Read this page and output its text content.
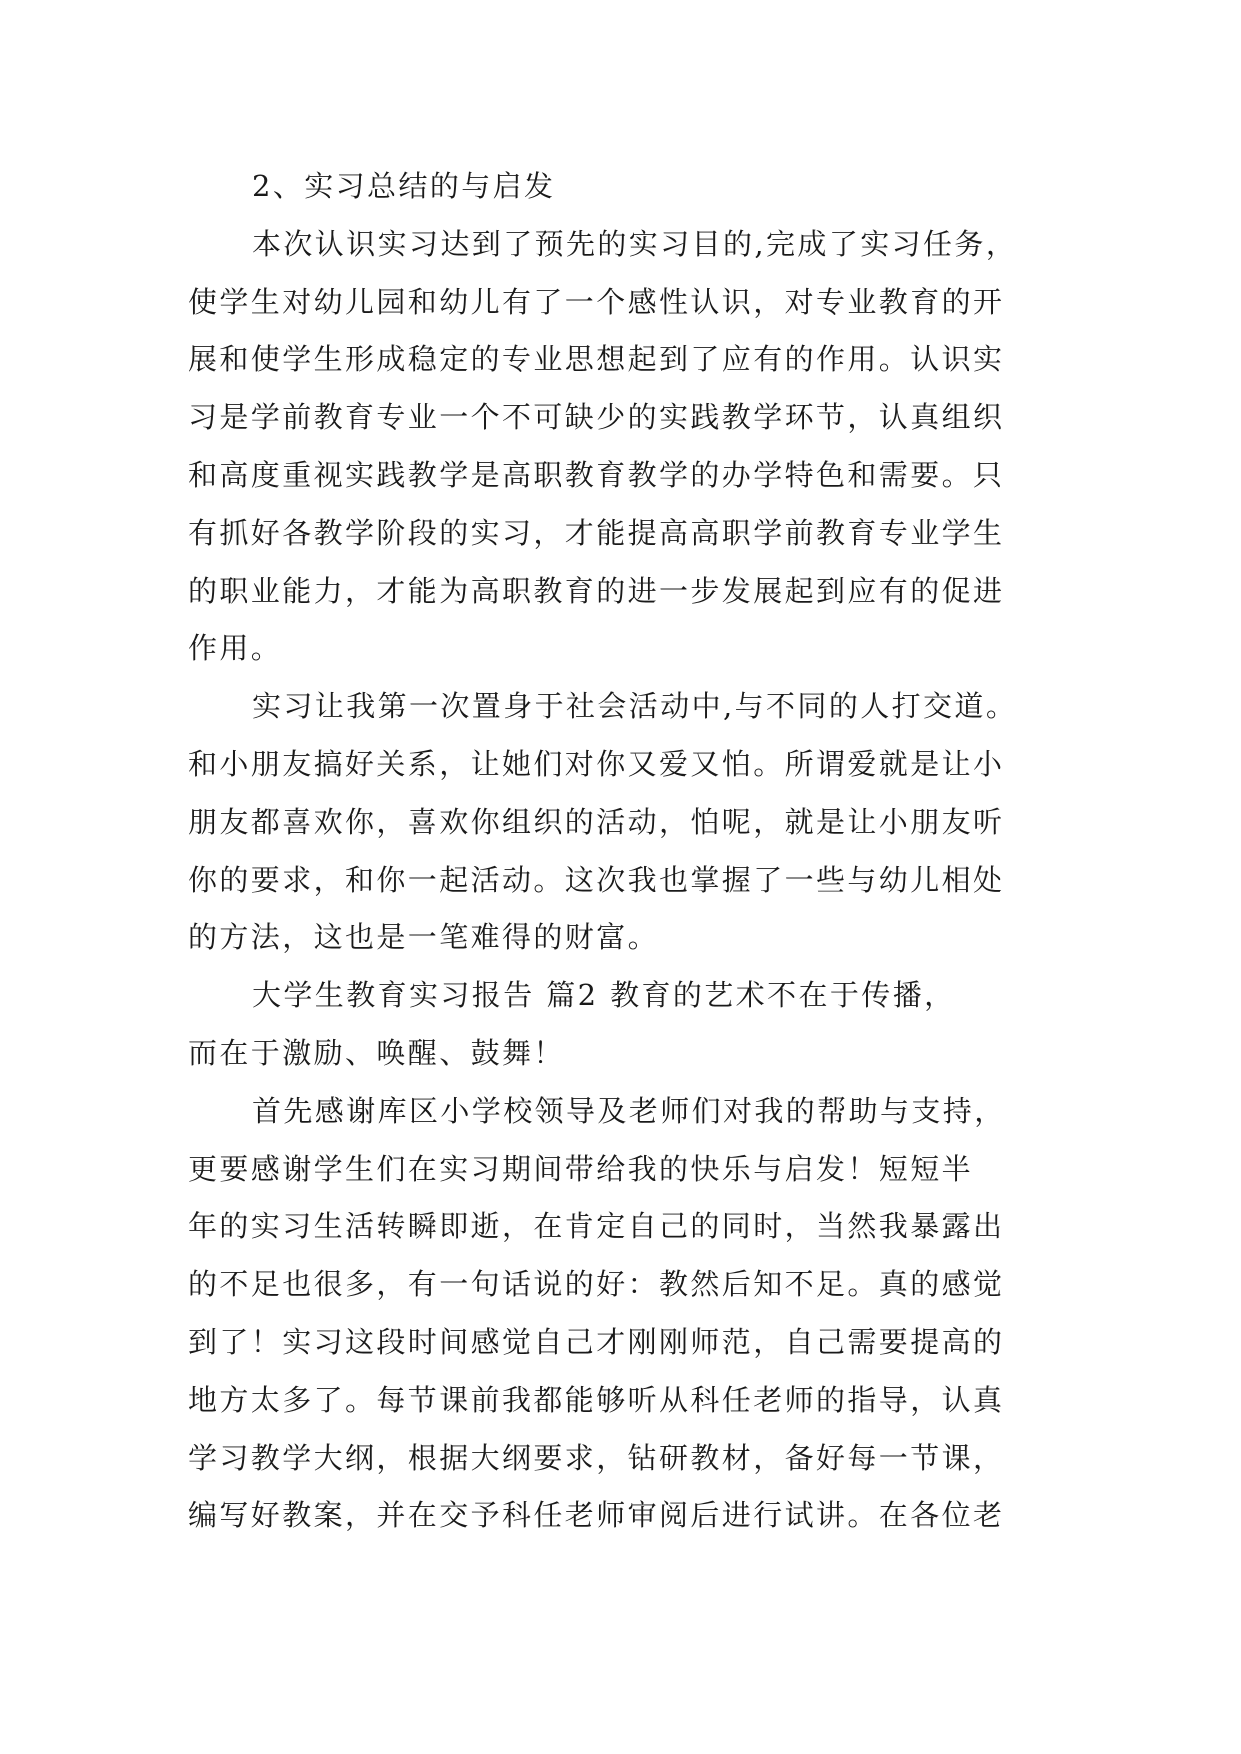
2、实习总结的与启发
本次认识实习达到了预先的实习目的,完成了实习任务，
使学生对幼儿园和幼儿有了一个感性认识，对专业教育的开
展和使学生形成稳定的专业思想起到了应有的作用。认识实
习是学前教育专业一个不可缺少的实践教学环节，认真组织
和高度重视实践教学是高职教育教学的办学特色和需要。只
有抓好各教学阶段的实习，才能提高高职学前教育专业学生
的职业能力，才能为高职教育的进一步发展起到应有的促进
作用。
实习让我第一次置身于社会活动中,与不同的人打交道。
和小朋友搞好关系，让她们对你又爱又怕。所谓爱就是让小
朋友都喜欢你，喜欢你组织的活动，怕呢，就是让小朋友听
你的要求，和你一起活动。这次我也掌握了一些与幼儿相处
的方法，这也是一笔难得的财富。
大学生教育实习报告 篇2 教育的艺术不在于传播，
而在于激励、唤醒、鼓舞！
首先感谢库区小学校领导及老师们对我的帮助与支持，
更要感谢学生们在实习期间带给我的快乐与启发！短短半
年的实习生活转瞬即逝，在肯定自己的同时，当然我暴露出
的不足也很多，有一句话说的好：教然后知不足。真的感觉
到了！实习这段时间感觉自己才刚刚师范，自己需要提高的
地方太多了。每节课前我都能够听从科任老师的指导，认真
学习教学大纲，根据大纲要求，钻研教材，备好每一节课，
编写好教案，并在交予科任老师审阅后进行试讲。在各位老
